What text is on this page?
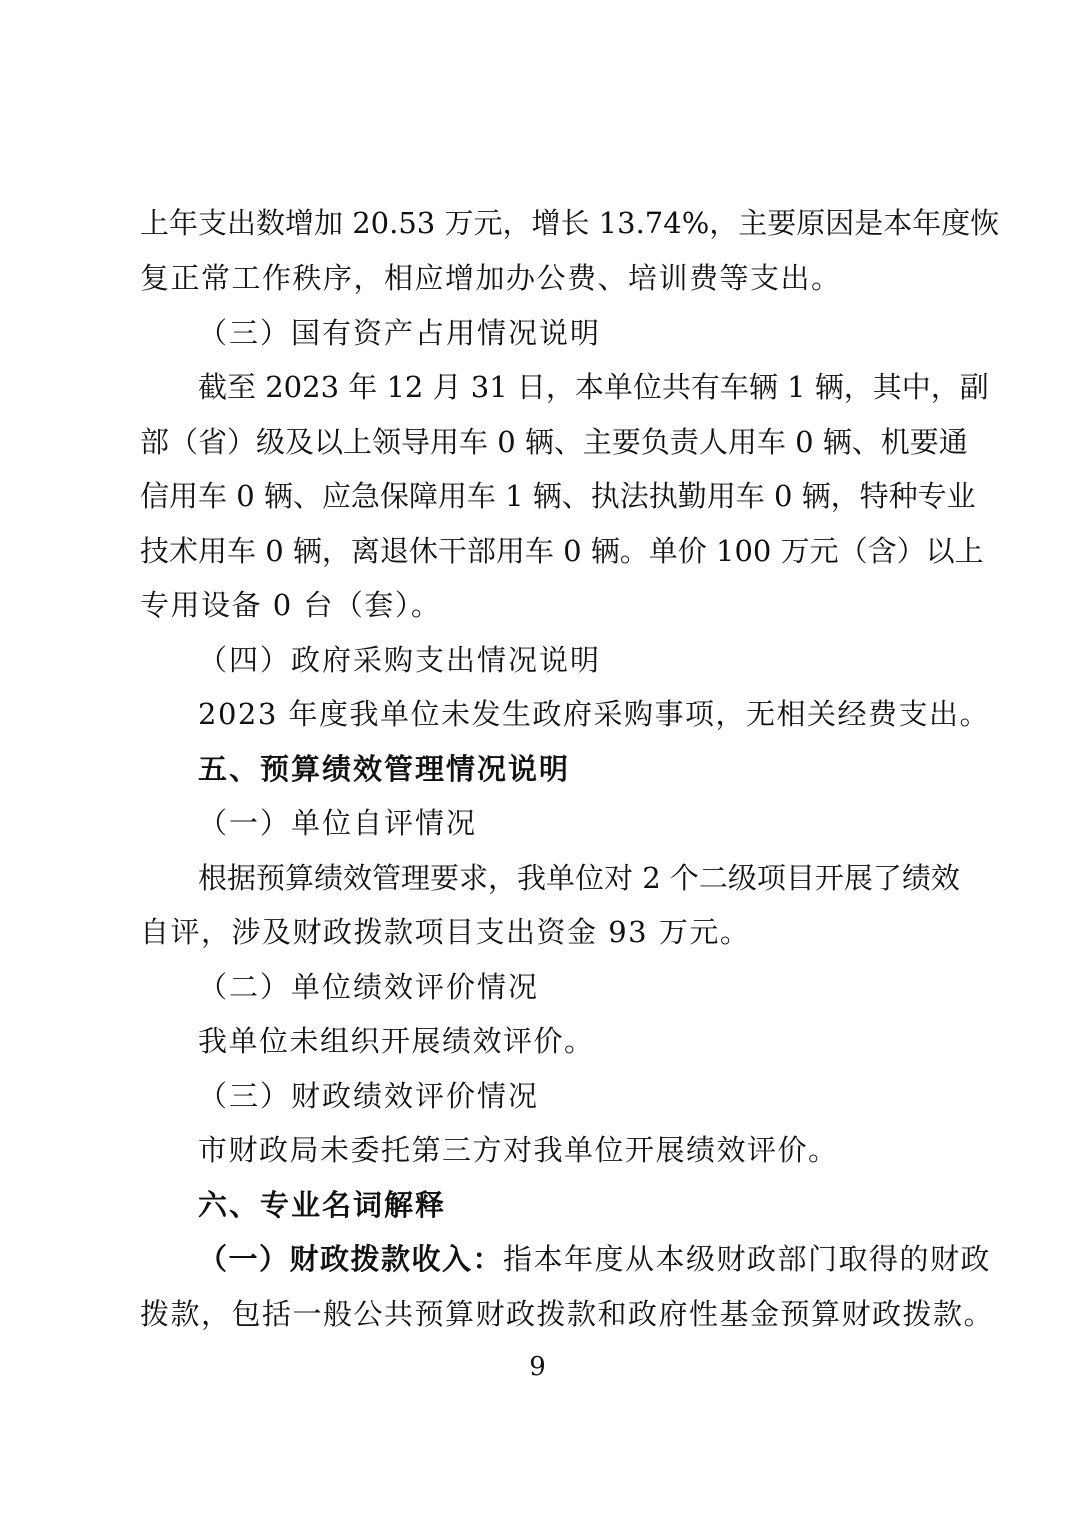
上年支出数增加 20.53 万元，增长 13.74%，主要原因是本年度恢
复正常工作秩序，相应增加办公费、培训费等支出。
（三）国有资产占用情况说明
截至 2023 年 12 月 31 日，本单位共有车辆 1 辆，其中，副
部（省）级及以上领导用车 0 辆、主要负责人用车 0 辆、机要通
信用车 0 辆、应急保障用车 1 辆、执法执勤用车 0 辆，特种专业
技术用车 0 辆，离退休干部用车 0 辆。单价 100 万元（含）以上
专用设备 0 台（套）。
（四）政府采购支出情况说明
2023 年度我单位未发生政府采购事项，无相关经费支出。
五、预算绩效管理情况说明
（一）单位自评情况
根据预算绩效管理要求，我单位对 2 个二级项目开展了绩效
自评，涉及财政拨款项目支出资金 93 万元。
（二）单位绩效评价情况
我单位未组织开展绩效评价。
（三）财政绩效评价情况
市财政局未委托第三方对我单位开展绩效评价。
六、专业名词解释
（一）财政拨款收入：指本年度从本级财政部门取得的财政
拨款，包括一般公共预算财政拨款和政府性基金预算财政拨款。
9
